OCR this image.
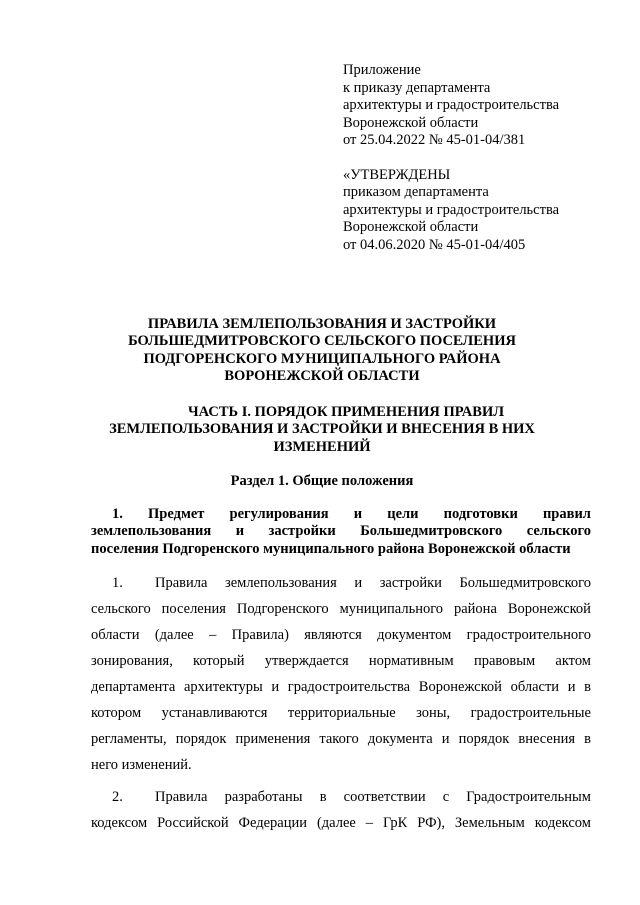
Приложение
к приказу департамента
архитектуры и градостроительства
Воронежской области
от 25.04.2022 № 45-01-04/381
«УТВЕРЖДЕНЫ
приказом департамента
архитектуры и градостроительства
Воронежской области
от 04.06.2020 № 45-01-04/405
ПРАВИЛА ЗЕМЛЕПОЛЬЗОВАНИЯ И ЗАСТРОЙКИ
БОЛЬШЕДМИТРОВСКОГО СЕЛЬСКОГО ПОСЕЛЕНИЯ
ПОДГОРЕНСКОГО МУНИЦИПАЛЬНОГО РАЙОНА
ВОРОНЕЖСКОЙ ОБЛАСТИ
ЧАСТЬ I. ПОРЯДОК ПРИМЕНЕНИЯ ПРАВИЛ
ЗЕМЛЕПОЛЬЗОВАНИЯ И ЗАСТРОЙКИ И ВНЕСЕНИЯ В НИХ
ИЗМЕНЕНИЙ
Раздел 1. Общие положения
1. Предмет регулирования и цели подготовки правил
землепользования и застройки Большедмитровского сельского
поселения Подгоренского муниципального района Воронежской области
1.	Правила землепользования и застройки Большедмитровского
сельского поселения Подгоренского муниципального района Воронежской
области (далее – Правила) являются документом градостроительного
зонирования, который утверждается нормативным правовым актом
департамента архитектуры и градостроительства Воронежской области и в
котором устанавливаются территориальные зоны, градостроительные
регламенты, порядок применения такого документа и порядок внесения в
него изменений.
2.	Правила разработаны в соответствии с Градостроительным
кодексом Российской Федерации (далее – ГрК РФ), Земельным кодексом
